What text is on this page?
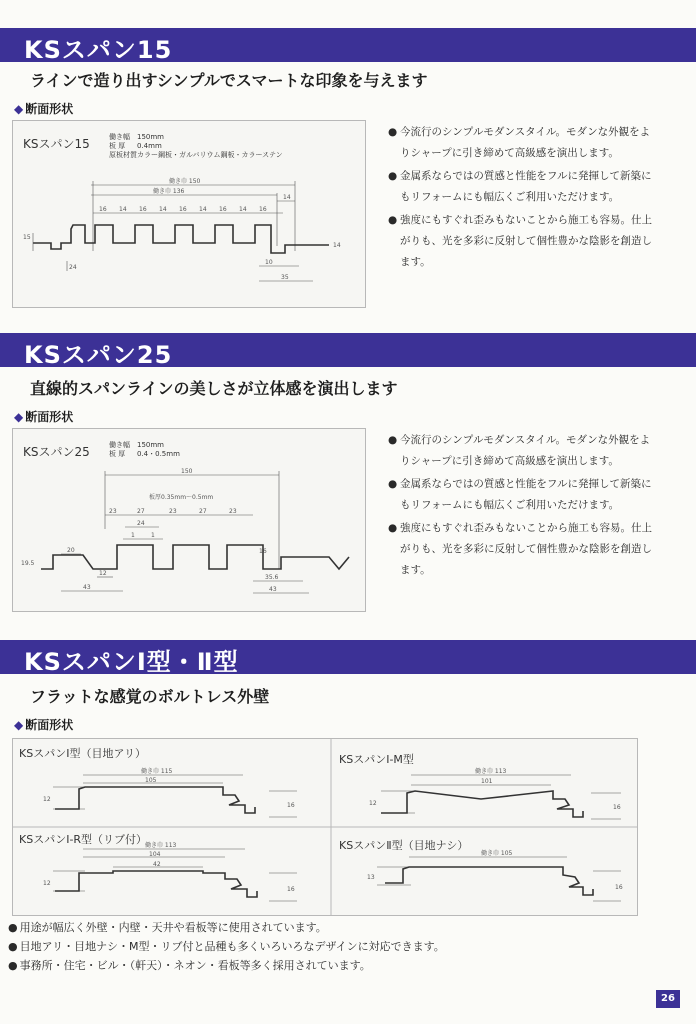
KSスパン15
ラインで造り出すシンプルでスマートな印象を与えます
◆ 断面形状
KSスパン15	働き幅 150mm
板 厚 0.4mm
原板材質カラー鋼板・ガルバリウム鋼板・カラーステン
働き巾 150
働き巾 136
14
16 14 16 14 16 14 16 14 16
15
14
24
10
35
● 今流行のシンプルモダンスタイル。モダンな外観をよりシャープに引き締めて高級感を演出します。
● 金属系ならではの質感と性能をフルに発揮して新築にもリフォームにも幅広くご利用いただけます。
● 強度にもすぐれ歪みもないことから施工も容易。仕上がりも、光を多彩に反射して個性豊かな陰影を創造します。
KSスパン25
直線的スパンラインの美しさが立体感を演出します
◆ 断面形状
KSスパン25	働き幅 150mm
板 厚 0.4・0.5mm
150
板厚0.35mm～0.5mm
23	27	23	27	23
24
1	1
20
19.5
12
43
16
35.6
43
● 今流行のシンプルモダンスタイル。モダンな外観をよりシャープに引き締めて高級感を演出します。
● 金属系ならではの質感と性能をフルに発揮して新築にもリフォームにも幅広くご利用いただけます。
● 強度にもすぐれ歪みもないことから施工も容易。仕上がりも、光を多彩に反射して個性豊かな陰影を創造します。
KSスパンⅠ型・Ⅱ型
フラットな感覚のボルトレス外壁
◆ 断面形状
KSスパンⅠ型（目地アリ）
働き巾 115
105
12
16
KSスパンⅠ-M型
働き巾 113
101
12
16
KSスパンⅠ-R型（リブ付）
働き巾 113
104
42
12
16
KSスパンⅡ型（目地ナシ）
働き巾 105
13
16
● 用途が幅広く外壁・内壁・天井や看板等に使用されています。
● 目地アリ・目地ナシ・M型・リブ付と品種も多くいろいろなデザインに対応できます。
● 事務所・住宅・ビル・（軒天）・ネオン・看板等多く採用されています。
26
